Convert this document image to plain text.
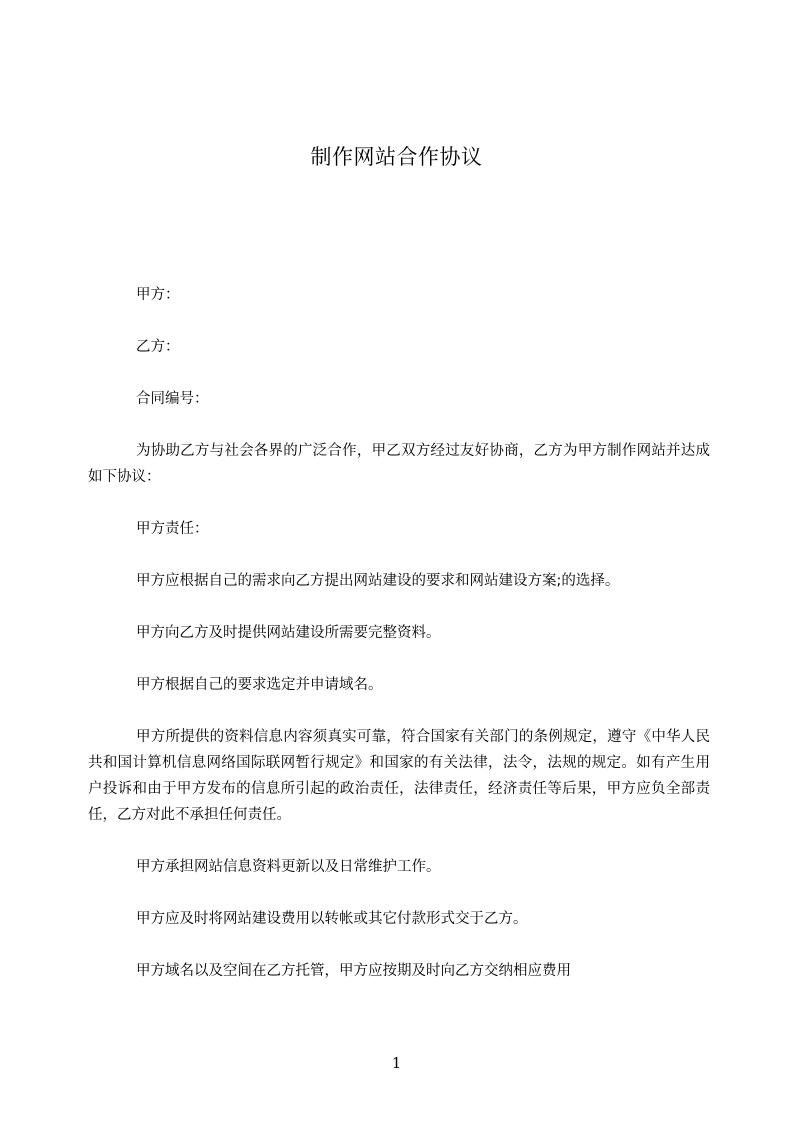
制作网站合作协议

甲方：

乙方：

合同编号：

为协助乙方与社会各界的广泛合作，甲乙双方经过友好协商，乙方为甲方制作网站并达成如下协议：

甲方责任：

甲方应根据自己的需求向乙方提出网站建设的要求和网站建设方案;的选择。

甲方向乙方及时提供网站建设所需要完整资料。

甲方根据自己的要求选定并申请域名。

甲方所提供的资料信息内容须真实可靠，符合国家有关部门的条例规定，遵守《中华人民共和国计算机信息网络国际联网暂行规定》和国家的有关法律，法令，法规的规定。如有产生用户投诉和由于甲方发布的信息所引起的政治责任，法律责任，经济责任等后果，甲方应负全部责任，乙方对此不承担任何责任。

甲方承担网站信息资料更新以及日常维护工作。

甲方应及时将网站建设费用以转帐或其它付款形式交于乙方。

甲方域名以及空间在乙方托管，甲方应按期及时向乙方交纳相应费用

1
